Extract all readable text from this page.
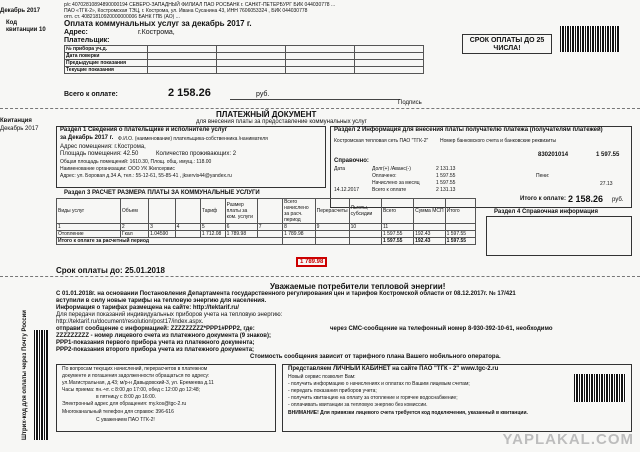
р/с 40702810894890000194 СЕВЕРО-ЗАПАДНЫЙ ФИЛИАЛ ПАО РОСБАНК г. САНКТ-ПЕТЕРБУРГ БИК 044030778 ...
ПАО «ТГК-2», Костромская ТЭЦ, г. Кострома, ул. Ивана Сусанина 43, ИНН 7606053324 , БИК 044030778
отп. ст. 40821810920000000006 БАНК ГПБ (АО) ...
Декабрь 2017
Код квитанции 10
Оплата коммунальных услуг за декабрь 2017 г.
Адрес:
Плательщик:
г.Кострома,
№ прибора уч.д.				
Дата поверки				
Предыдущие показания				
Текущие показания				
СРОК ОПЛАТЫ ДО 25 ЧИСЛА!
Всего к оплате:	2 158.26	руб.
Подпись
Квитанция
Декабрь 2017
ПЛАТЕЖНЫЙ ДОКУМЕНТ
для внесения платы за предоставление коммунальных услуг
Раздел 1 Сведения о плательщике и исполнителе услуг
за Декабрь 2017 г. Ф.И.О. (наименование) плательщика-собственника /нанимателя
Адрес помещения: г.Кострома,
Площадь помещения: 42.50	Количество проживающих: 2
Общая площадь помещений: 1610.30, Площ. общ. имущ.: 118.00
Наименование организации: ООО УК Жилсервис
Адрес: ул. Боровая д.34 А, тел.: 55-12-61, 55-85-41 , jkservis44@yandex.ru
Раздел 2 Информация для внесения платы получателю платежа (получателям платежей)
Костромская тепловая сеть ПАО "ТГК-2" Номер банковского счета и банковские реквизиты
830201014	1 597.55
Справочно:
Дата	Долг(+) /Аванс(-)	2 131.13
Оплачено:	1 597.55
Начислено за месяц	1 597.55
14.12.2017	Всего к оплате	2 131.13
Пени:
27.13
Итого к оплате: 2 158.26 руб.
Раздел 3 РАСЧЕТ РАЗМЕРА ПЛАТЫ ЗА КОММУНАЛЬНЫЕ УСЛУГИ
Раздел 4 Справочная информация
Виды услуг	Объем			Тариф	Размер платы за ком. услуги		Всего начислено за расч. период	Перерасчеты	Льготы, субсидии	Всего	Сумма МСП	Итого
1	2	3	4	5	6	7	8	9	10	11		
Отопление	Гкал	1.04590		1 712.08	1 789.98		1 789.98			1 597.55	192.43	1 597.55
Итого к оплате за расчетный период										1 597.55	192.43	1 597.55
1 789.98
Срок оплаты до: 25.01.2018
Уважаемые потребители тепловой энергии!
С 01.01.2018г. на основании Постановления Департамента государственного регулирования цен и тарифов Костромской области от 08.12.2017г. № 17/421
вступили в силу новые тарифы на тепловую энергию для населения.
Информация о тарифах размещена на сайте: http://tektarif.ru/
Для передачи показаний индивидуальных приборов учета на тепловую энергию:
http://tektarif.ru/document/resolution/post17/index.aspx.
отправит сообщение с информацией: ZZZZZZZZZ*PPP1#PPP2, где:	через СМС-сообщение на телефонный номер 8-930-392-10-61, необходимо
ZZZZZZZZZ - номер лицевого счета из платежного документа (9 знаков);
РРР1-показания первого прибора учета из платежного документа;
РРР2-показания второго прибора учета из платежного документа;
Стоимость сообщения зависит от тарифного плана Вашего мобильного оператора.
По вопросам текущих начислений, перерасчетов в платежном
документе и погашения задолженности обращаться по адресу:
ул.Магистральная, д.43; м/р-н Давыдовский-3, ул. Еремеева д.11
Часы приема: пн.-чт. с 8:00 до 17:00, обед с 12:00 до 12:48;
в пятницу с 8:00 до 16:00.
Электронный адрес для обращения: my.kos@tgc-2.ru
Многоканальный телефон для справок: 396-616
С уважением ПАО ТГК-2!
Представляем ЛИЧНЫЙ КАБИНЕТ на сайте ПАО "ТГК - 2" www.tgc-2.ru
Новый сервис позволит Вам:
- получить информацию о начислениях и оплатах по Вашим лицевым счетам;
- передать показания приборов учета;
- получить квитанцию на оплату за отопление и горячее водоснабжение;
- оплачивать квитанции за тепловую энергию без комиссии.
ВНИМАНИЕ! Для привязки лицевого счета требуется код подключения, указанный в квитанции.
Штрих-код для оплаты через Почту России	YAPLAKAL.COM
